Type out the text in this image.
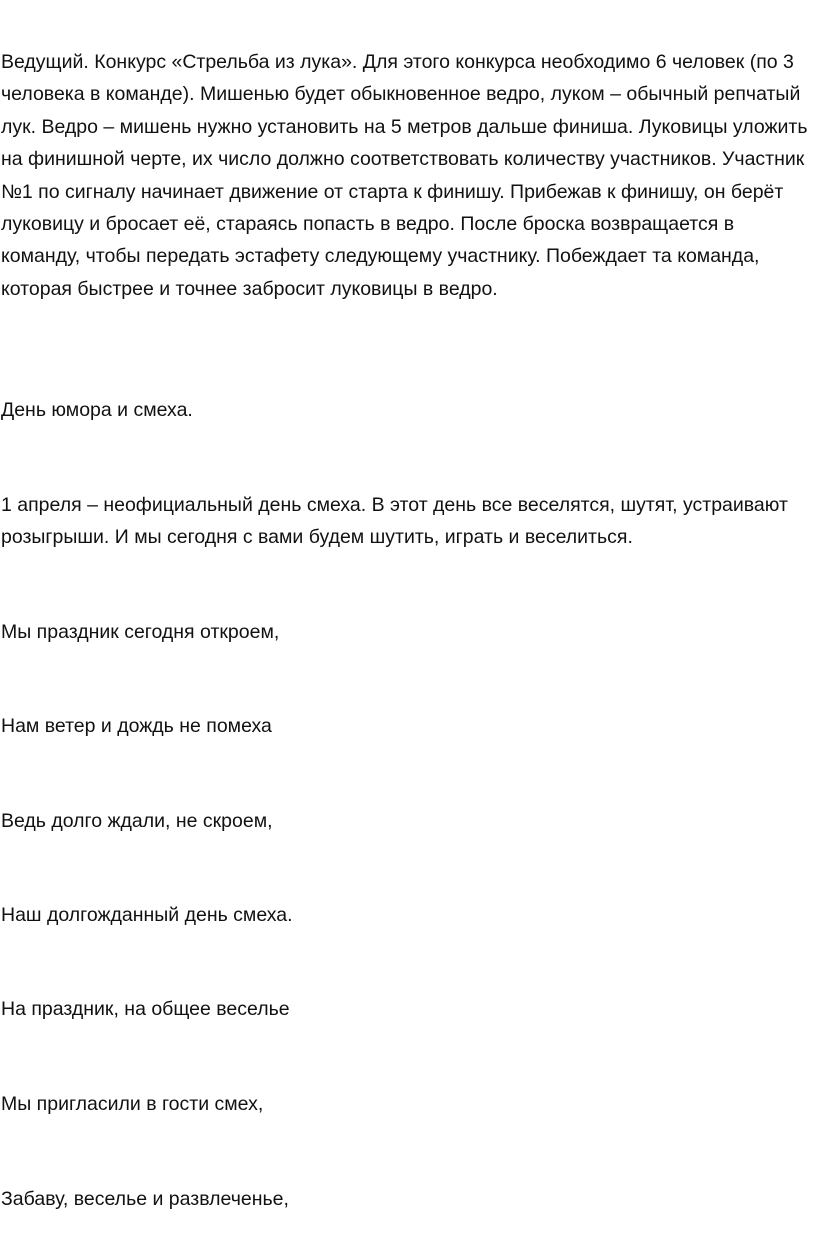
Ведущий. Конкурс «Стрельба из лука». Для этого конкурса необходимо 6 человек (по 3 человека в команде). Мишенью будет обыкновенное ведро, луком – обычный репчатый лук. Ведро – мишень нужно установить на 5 метров дальше финиша. Луковицы уложить на финишной черте, их число должно соответствовать количеству участников. Участник №1 по сигналу начинает движение от старта к финишу. Прибежав к финишу, он берёт луковицу и бросает её, стараясь попасть в ведро. После броска возвращается в команду, чтобы передать эстафету следующему участнику. Побеждает та команда, которая быстрее и точнее забросит луковицы в ведро.

День юмора и смеха.

1 апреля – неофициальный день смеха. В этот день все веселятся, шутят, устраивают розыгрыши. И мы сегодня с вами будем шутить, играть и веселиться.

Мы праздник сегодня откроем,
Нам ветер и дождь не помеха
Ведь долго ждали, не скроем,
Наш долгожданный день смеха.
На праздник, на общее веселье
Мы пригласили в гости смех,
Забаву, веселье и развлеченье,
